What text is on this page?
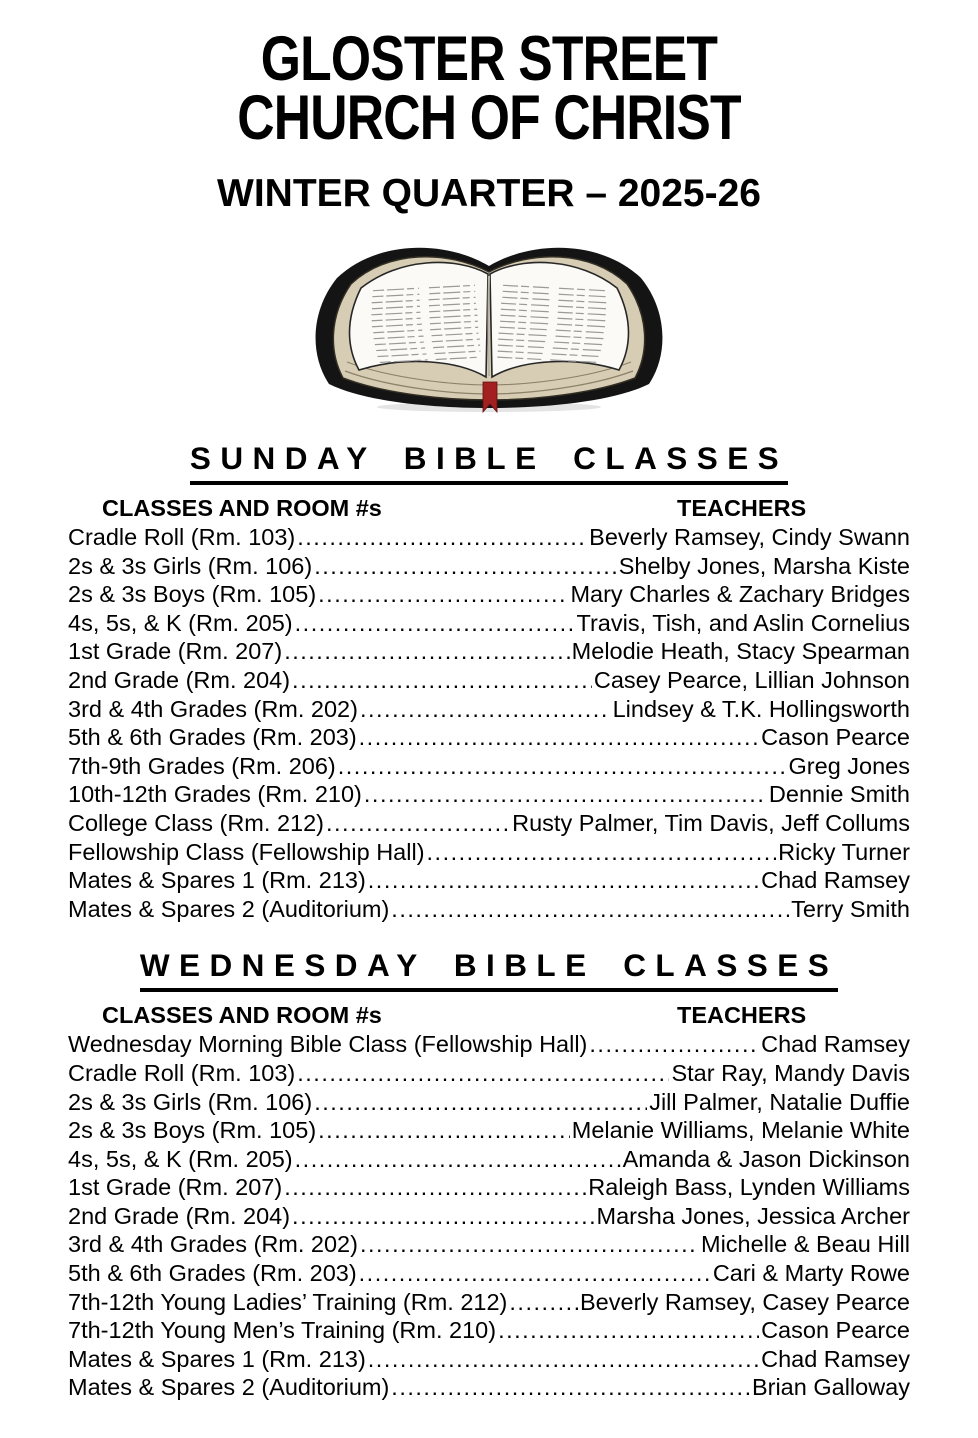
GLOSTER STREET
CHURCH OF CHRIST
WINTER QUARTER – 2025-26
SUNDAY BIBLE CLASSES
CLASSES AND ROOM #s	TEACHERS
Cradle Roll (Rm. 103) .....	Beverly Ramsey, Cindy Swann
2s & 3s Girls (Rm. 106) .....	Shelby Jones, Marsha Kiste
2s & 3s Boys (Rm. 105) .....	Mary Charles & Zachary Bridges
4s, 5s, & K (Rm. 205) .....	Travis, Tish, and Aslin Cornelius
1st Grade (Rm. 207) .....	Melodie Heath, Stacy Spearman
2nd Grade (Rm. 204) .....	Casey Pearce, Lillian Johnson
3rd & 4th Grades (Rm. 202) .....	Lindsey & T.K. Hollingsworth
5th & 6th Grades (Rm. 203) .....	Cason Pearce
7th-9th Grades (Rm. 206) .....	Greg Jones
10th-12th Grades (Rm. 210) .....	Dennie Smith
College Class (Rm. 212) .....	Rusty Palmer, Tim Davis, Jeff Collums
Fellowship Class (Fellowship Hall) .....	Ricky Turner
Mates & Spares 1 (Rm. 213) .....	Chad Ramsey
Mates & Spares 2 (Auditorium) .....	Terry Smith
WEDNESDAY BIBLE CLASSES
CLASSES AND ROOM #s	TEACHERS
Wednesday Morning Bible Class (Fellowship Hall) .....	Chad Ramsey
Cradle Roll (Rm. 103) .....	Star Ray, Mandy Davis
2s & 3s Girls (Rm. 106) .....	Jill Palmer, Natalie Duffie
2s & 3s Boys (Rm. 105) .....	Melanie Williams, Melanie White
4s, 5s, & K (Rm. 205) .....	Amanda & Jason Dickinson
1st Grade (Rm. 207) .....	Raleigh Bass, Lynden Williams
2nd Grade (Rm. 204) .....	Marsha Jones, Jessica Archer
3rd & 4th Grades (Rm. 202) .....	Michelle & Beau Hill
5th & 6th Grades (Rm. 203) .....	Cari & Marty Rowe
7th-12th Young Ladies’ Training (Rm. 212) .....	Beverly Ramsey, Casey Pearce
7th-12th Young Men’s Training (Rm. 210) .....	Cason Pearce
Mates & Spares 1 (Rm. 213) .....	Chad Ramsey
Mates & Spares 2 (Auditorium) .....	Brian Galloway
